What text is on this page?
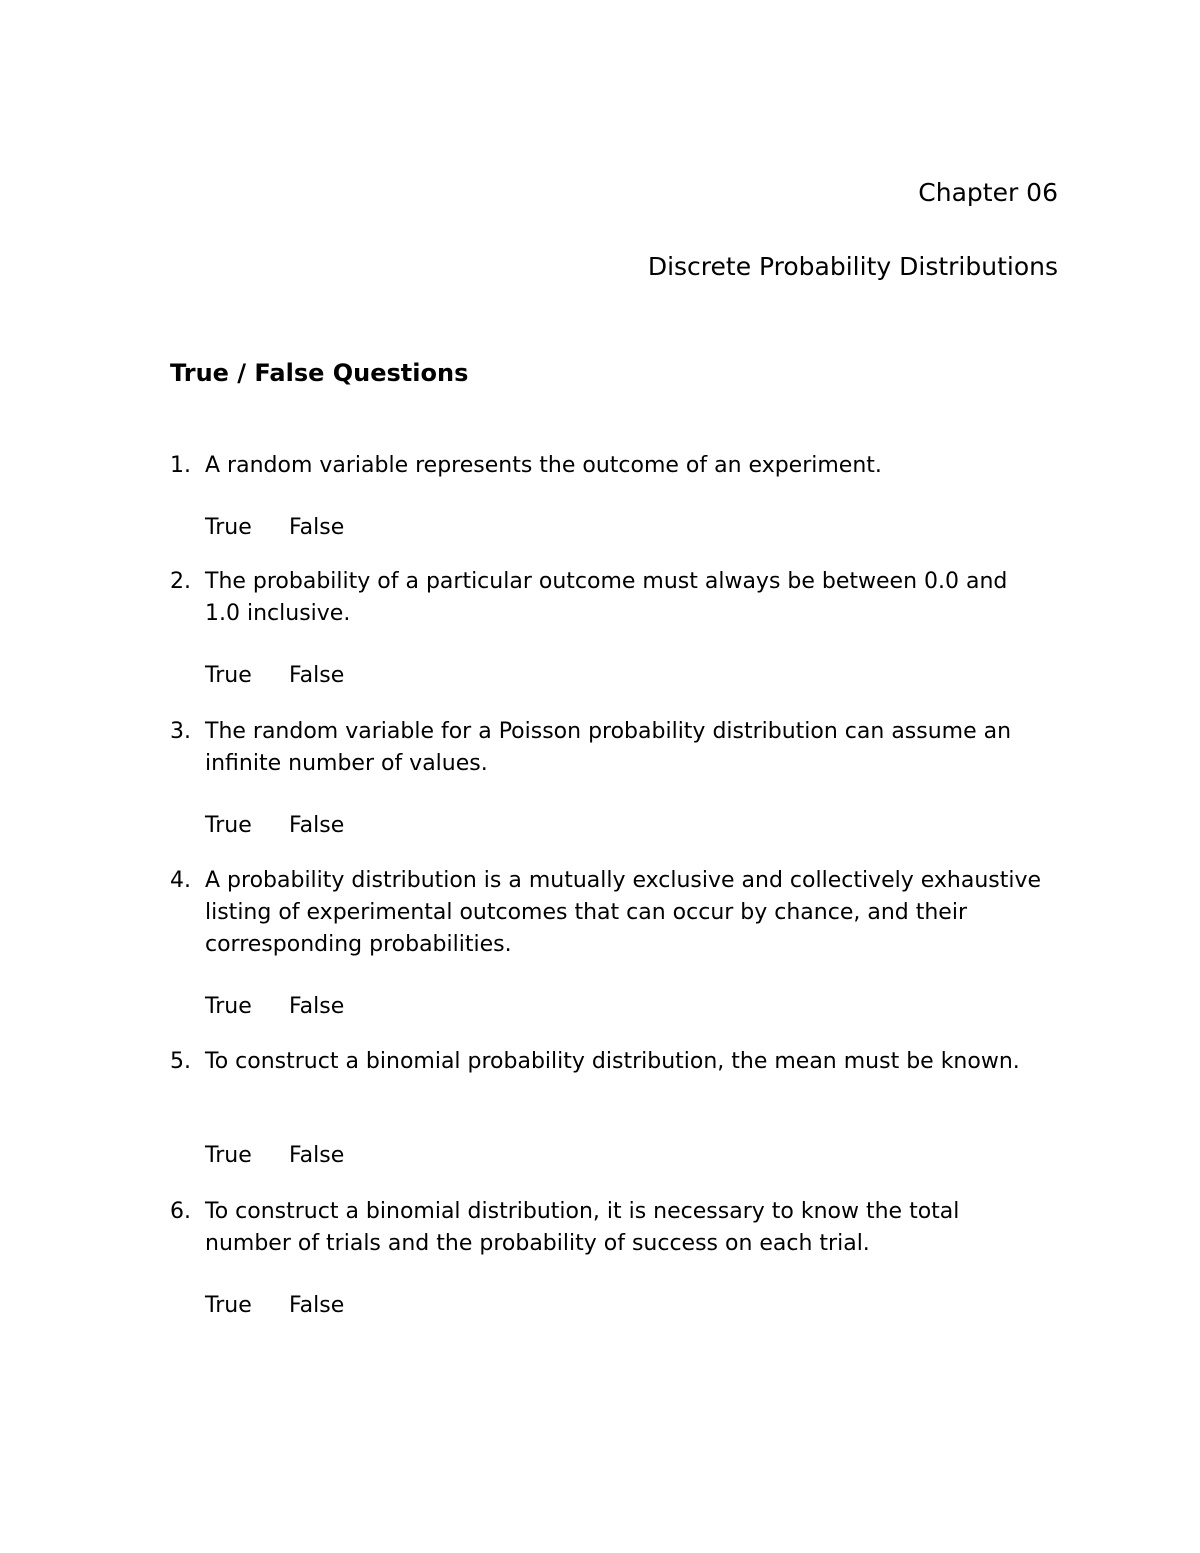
Chapter 06
Discrete Probability Distributions
True / False Questions
1. A random variable represents the outcome of an experiment.
True False
2. The probability of a particular outcome must always be between 0.0 and 1.0 inclusive.
True False
3. The random variable for a Poisson probability distribution can assume an infinite number of values.
True False
4. A probability distribution is a mutually exclusive and collectively exhaustive listing of experimental outcomes that can occur by chance, and their corresponding probabilities.
True False
5. To construct a binomial probability distribution, the mean must be known.
True False
6. To construct a binomial distribution, it is necessary to know the total number of trials and the probability of success on each trial.
True False
